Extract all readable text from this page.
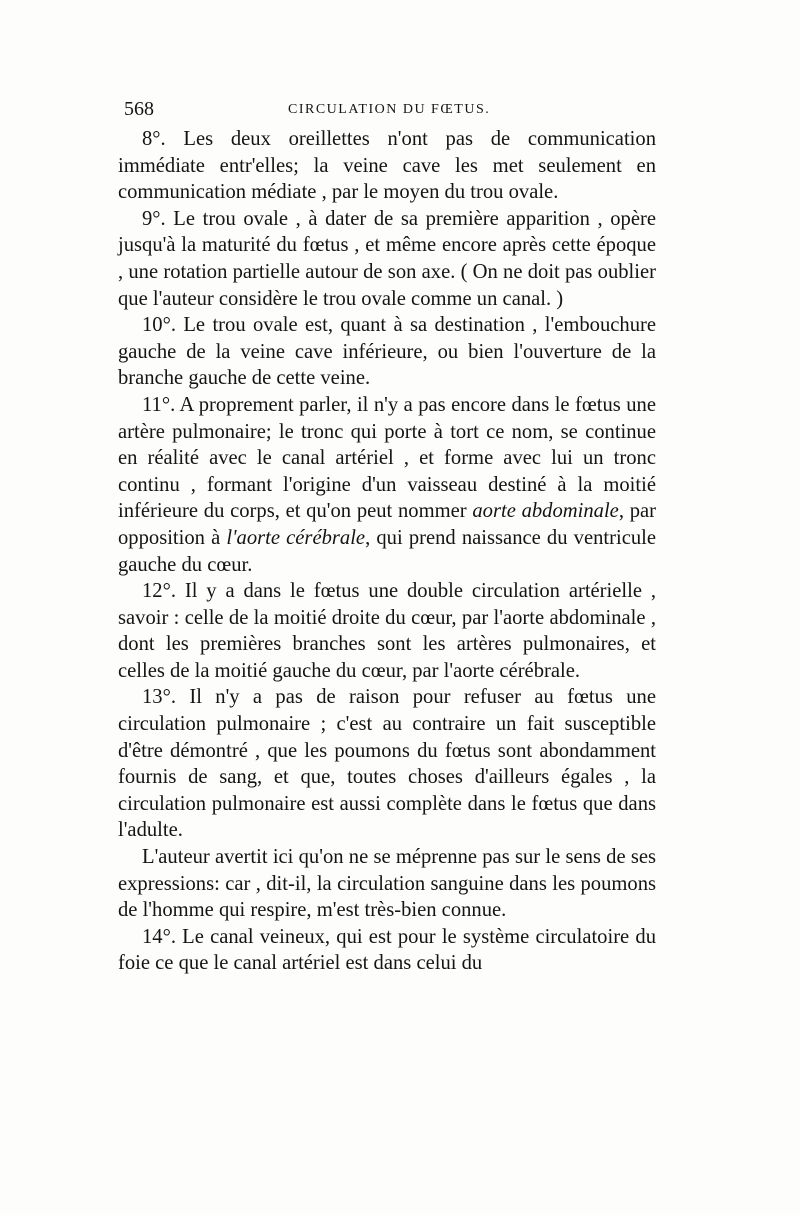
568	CIRCULATION DU FŒTUS.

8°. Les deux oreillettes n'ont pas de communication immédiate entr'elles; la veine cave les met seulement en communication médiate , par le moyen du trou ovale.

9°. Le trou ovale , à dater de sa première apparition , opère jusqu'à la maturité du fœtus , et même encore après cette époque , une rotation partielle autour de son axe. ( On ne doit pas oublier que l'auteur considère le trou ovale comme un canal. )

10°. Le trou ovale est, quant à sa destination , l'embouchure gauche de la veine cave inférieure, ou bien l'ouverture de la branche gauche de cette veine.

11°. A proprement parler, il n'y a pas encore dans le fœtus une artère pulmonaire; le tronc qui porte à tort ce nom, se continue en réalité avec le canal artériel , et forme avec lui un tronc continu , formant l'origine d'un vaisseau destiné à la moitié inférieure du corps, et qu'on peut nommer aorte abdominale, par opposition à l'aorte cérébrale, qui prend naissance du ventricule gauche du cœur.

12°. Il y a dans le fœtus une double circulation artérielle , savoir : celle de la moitié droite du cœur, par l'aorte abdominale , dont les premières branches sont les artères pulmonaires, et celles de la moitié gauche du cœur, par l'aorte cérébrale.

13°. Il n'y a pas de raison pour refuser au fœtus une circulation pulmonaire ; c'est au contraire un fait susceptible d'être démontré , que les poumons du fœtus sont abondamment fournis de sang, et que, toutes choses d'ailleurs égales , la circulation pulmonaire est aussi complète dans le fœtus que dans l'adulte.

L'auteur avertit ici qu'on ne se méprenne pas sur le sens de ses expressions: car , dit-il, la circulation sanguine dans les poumons de l'homme qui respire, m'est très-bien connue.

14°. Le canal veineux, qui est pour le système circulatoire du foie ce que le canal artériel est dans celui du
